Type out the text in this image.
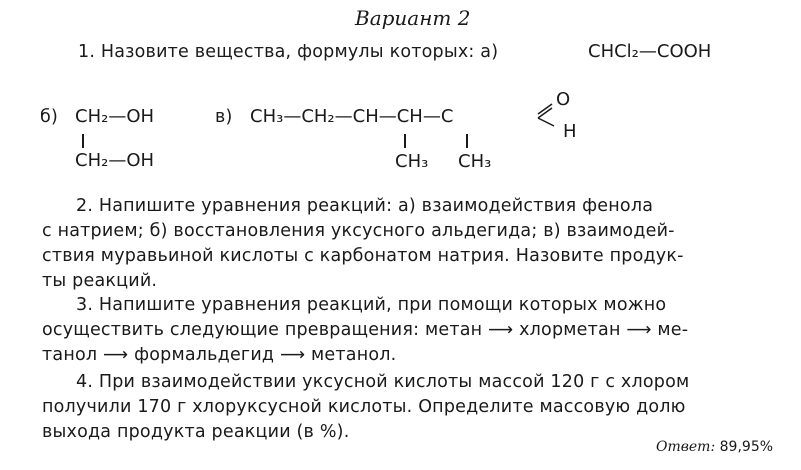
Вариант 2
1. Назовите вещества, формулы которых: а)	CHCl₂—COOH
б) CH₂—OH
CH₂—OH
в) CH₃—CH₂—CH—CH—C
O
H
CH₃ CH₃
2. Напишите уравнения реакций: а) взаимодействия фенола
с натрием; б) восстановления уксусного альдегида; в) взаимодей-
ствия муравьиной кислоты с карбонатом натрия. Назовите продук-
ты реакций.
3. Напишите уравнения реакций, при помощи которых можно
осуществить следующие превращения: метан ⟶ хлорметан ⟶ ме-
танол ⟶ формальдегид ⟶ метанол.
4. При взаимодействии уксусной кислоты массой 120 г с хлором
получили 170 г хлоруксусной кислоты. Определите массовую долю
выхода продукта реакции (в %).
Ответ: 89,95%
